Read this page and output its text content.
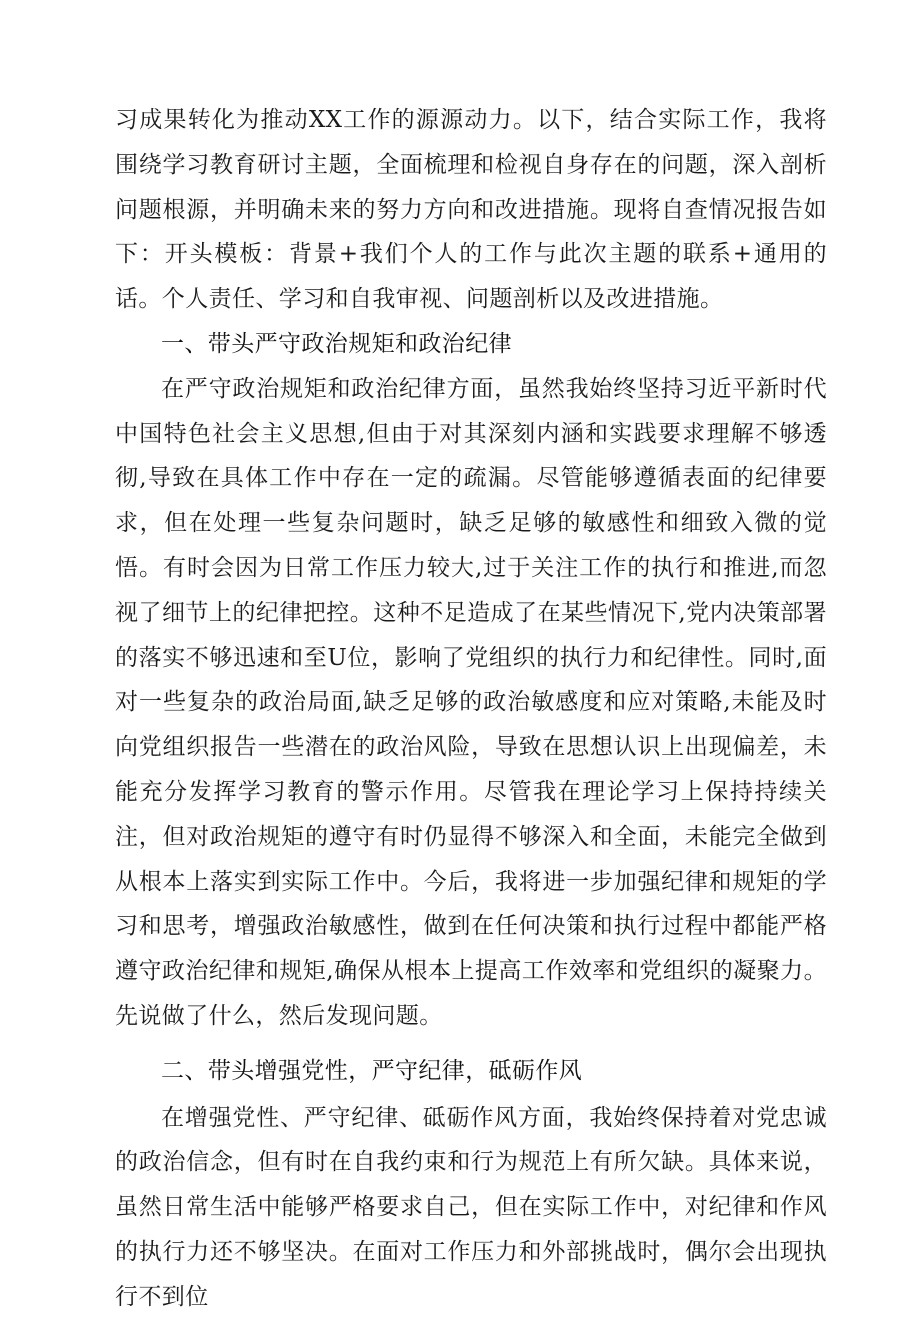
习成果转化为推动XX工作的源源动力。以下，结合实际工作，我将围绕学习教育研讨主题，全面梳理和检视自身存在的问题，深入剖析问题根源，并明确未来的努力方向和改进措施。现将自查情况报告如下：开头模板：背景+我们个人的工作与此次主题的联系+通用的话。个人责任、学习和自我审视、问题剖析以及改进措施。

一、带头严守政治规矩和政治纪律

在严守政治规矩和政治纪律方面，虽然我始终坚持习近平新时代中国特色社会主义思想,但由于对其深刻内涵和实践要求理解不够透彻,导致在具体工作中存在一定的疏漏。尽管能够遵循表面的纪律要求，但在处理一些复杂问题时，缺乏足够的敏感性和细致入微的觉悟。有时会因为日常工作压力较大,过于关注工作的执行和推进,而忽视了细节上的纪律把控。这种不足造成了在某些情况下,党内决策部署的落实不够迅速和至U位，影响了党组织的执行力和纪律性。同时,面对一些复杂的政治局面,缺乏足够的政治敏感度和应对策略,未能及时向党组织报告一些潜在的政治风险，导致在思想认识上出现偏差，未能充分发挥学习教育的警示作用。尽管我在理论学习上保持持续关注，但对政治规矩的遵守有时仍显得不够深入和全面，未能完全做到从根本上落实到实际工作中。今后，我将进一步加强纪律和规矩的学习和思考，增强政治敏感性，做到在任何决策和执行过程中都能严格遵守政治纪律和规矩,确保从根本上提高工作效率和党组织的凝聚力。先说做了什么，然后发现问题。

二、带头增强党性，严守纪律，砥砺作风

在增强党性、严守纪律、砥砺作风方面，我始终保持着对党忠诚的政治信念，但有时在自我约束和行为规范上有所欠缺。具体来说，虽然日常生活中能够严格要求自己，但在实际工作中，对纪律和作风的执行力还不够坚决。在面对工作压力和外部挑战时，偶尔会出现执行不到位
